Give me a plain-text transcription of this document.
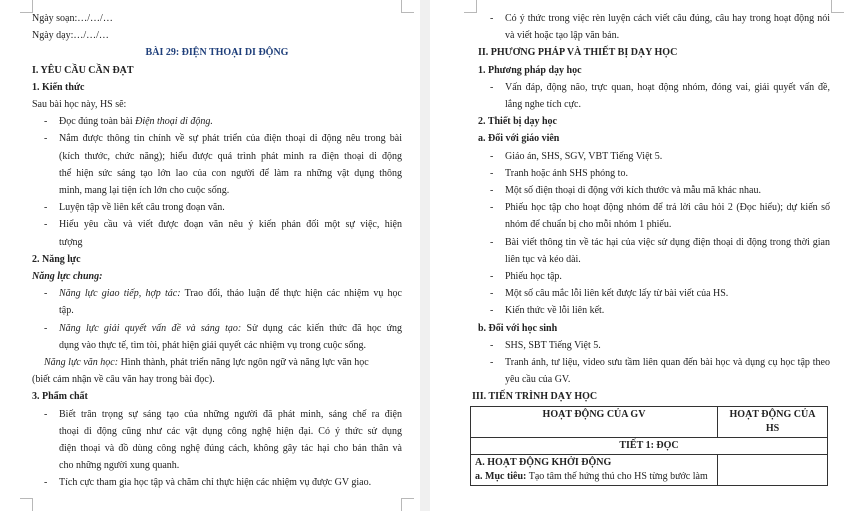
Ngày soạn:…/…/…
Ngày dạy:…/…/…
BÀI 29: ĐIỆN THOẠI DI ĐỘNG
I. YÊU CẦU CẦN ĐẠT
1. Kiến thức
Sau bài học này, HS sẽ:
- Đọc đúng toàn bài Điện thoại di động.
- Nắm được thông tin chính về sự phát triển của điện thoại di động nêu trong bài
(kích thước, chức năng); hiểu được quá trình phát minh ra điện thoại di động
thể hiện sức sáng tạo lớn lao của con người để làm ra những vật dụng thông
minh, mang lại tiện ích lớn cho cuộc sống.
- Luyện tập về liên kết câu trong đoạn văn.
- Hiểu yêu cầu và viết được đoạn văn nêu ý kiến phản đối một sự việc, hiện
tượng
2. Năng lực
Năng lực chung:
- Năng lực giao tiếp, hợp tác: Trao đổi, thảo luận để thực hiện các nhiệm vụ học
tập.
- Năng lực giải quyết vấn đề và sáng tạo: Sử dụng các kiến thức đã học ứng
dụng vào thực tế, tìm tòi, phát hiện giải quyết các nhiệm vụ trong cuộc sống.
Năng lực văn học: Hình thành, phát triển năng lực ngôn ngữ và năng lực văn học
(biết cảm nhận về câu văn hay trong bài đọc).
3. Phẩm chất
- Biết trân trọng sự sáng tạo của những người đã phát minh, sáng chế ra điện
thoại di động cũng như các vật dụng công nghệ hiện đại. Có ý thức sử dụng
điện thoại và đồ dùng công nghệ đúng cách, không gây tác hại cho bản thân và
cho những người xung quanh.
- Tích cực tham gia học tập và chăm chỉ thực hiện các nhiệm vụ được GV giao.
- Có ý thức trong việc rèn luyện cách viết câu đúng, câu hay trong hoạt động nói
và viết hoặc tạo lập văn bản.
II. PHƯƠNG PHÁP VÀ THIẾT BỊ DẠY HỌC
1. Phương pháp dạy học
- Vấn đáp, động não, trực quan, hoạt động nhóm, đóng vai, giải quyết vấn đề,
lắng nghe tích cực.
2. Thiết bị dạy học
a. Đối với giáo viên
- Giáo án, SHS, SGV, VBT Tiếng Việt 5.
- Tranh hoặc ảnh SHS phóng to.
- Một số điện thoại di động với kích thước và mẫu mã khác nhau.
- Phiếu học tập cho hoạt động nhóm để trả lời câu hỏi 2 (Đọc hiểu); dự kiến số
nhóm để chuẩn bị cho mỗi nhóm 1 phiếu.
- Bài viết thông tin về tác hại của việc sử dụng điện thoại di động trong thời gian
liên tục và kéo dài.
- Phiếu học tập.
- Một số câu mắc lỗi liên kết được lấy từ bài viết của HS.
- Kiến thức về lỗi liên kết.
b. Đối với học sinh
- SHS, SBT Tiếng Việt 5.
- Tranh ảnh, tư liệu, video sưu tầm liên quan đến bài học và dụng cụ học tập theo
yêu cầu của GV.
III. TIẾN TRÌNH DẠY HỌC
HOẠT ĐỘNG CỦA GV	HOẠT ĐỘNG CỦA HS
TIẾT 1: ĐỌC	

A. HOẠT ĐỘNG KHỞI ĐỘNG
a. Mục tiêu: Tạo tâm thế hứng thú cho HS từng bước làm	
